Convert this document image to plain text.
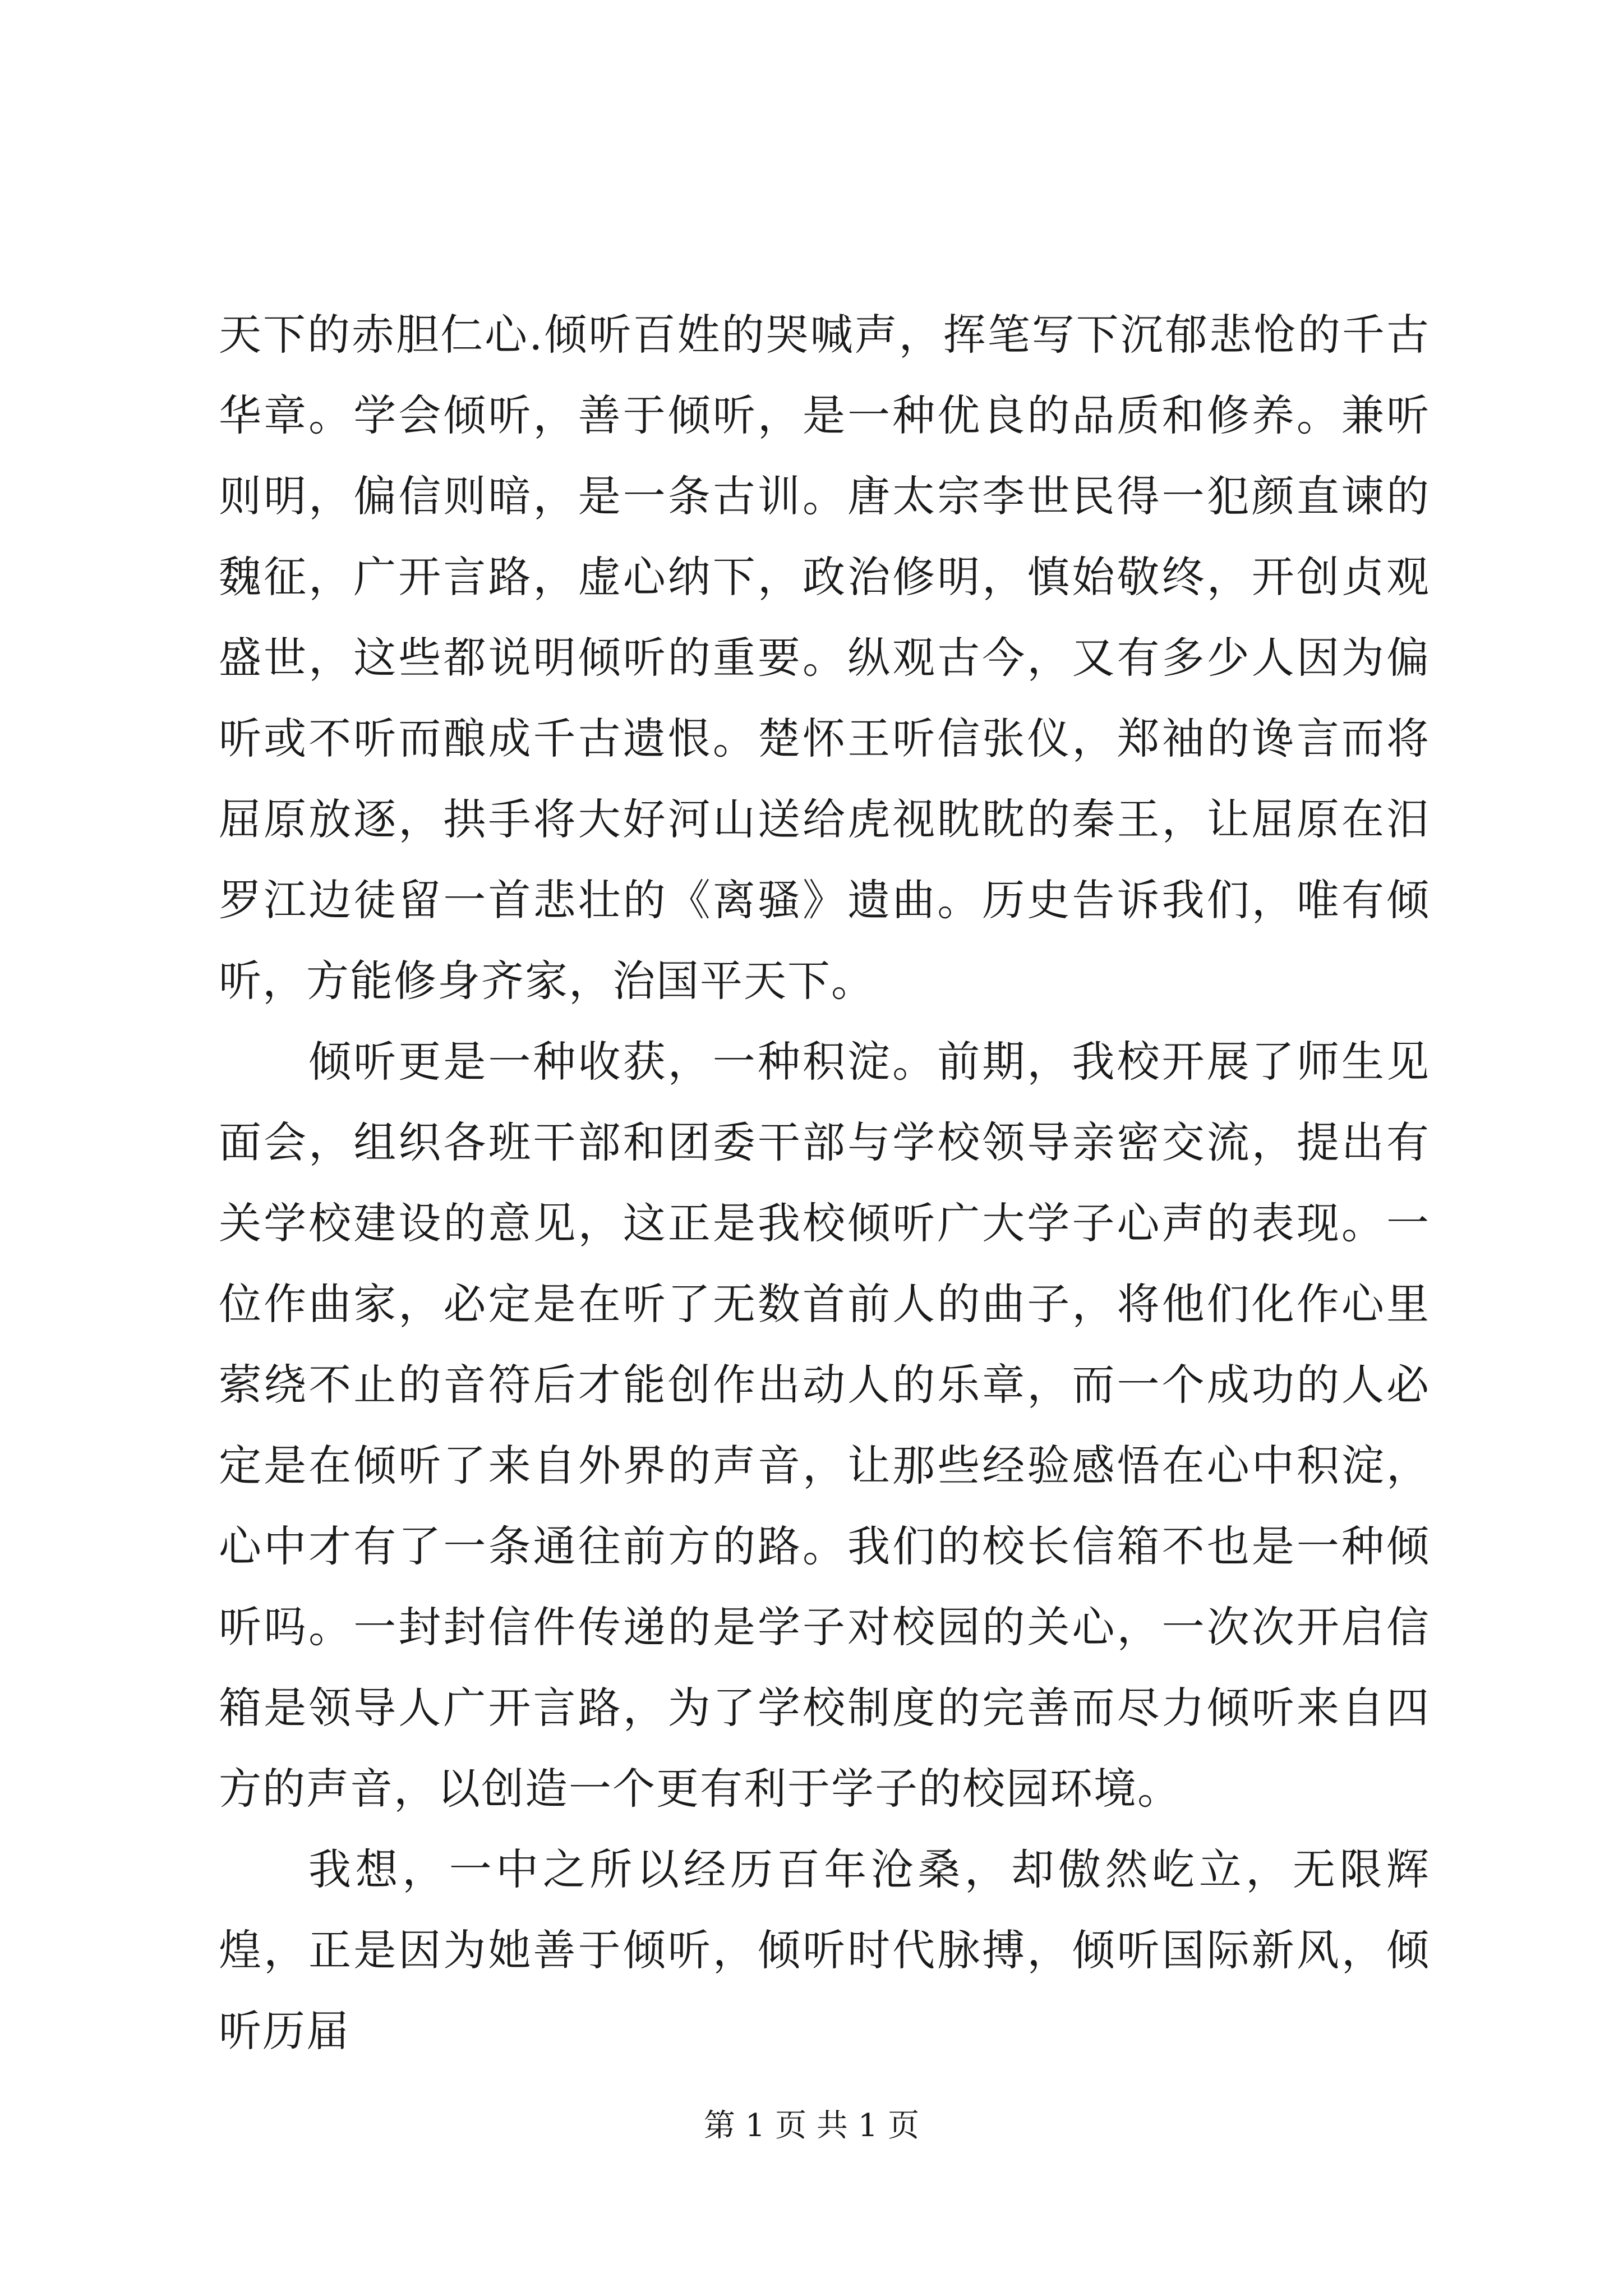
天下的赤胆仁心.倾听百姓的哭喊声，挥笔写下沉郁悲怆的千古华章。学会倾听，善于倾听，是一种优良的品质和修养。兼听则明，偏信则暗，是一条古训。唐太宗李世民得一犯颜直谏的魏征，广开言路，虚心纳下，政治修明，慎始敬终，开创贞观盛世，这些都说明倾听的重要。纵观古今，又有多少人因为偏听或不听而酿成千古遗恨。楚怀王听信张仪，郑袖的谗言而将屈原放逐，拱手将大好河山送给虎视眈眈的秦王，让屈原在汨罗江边徒留一首悲壮的《离骚》遗曲。历史告诉我们，唯有倾听，方能修身齐家，治国平天下。

倾听更是一种收获，一种积淀。前期，我校开展了师生见面会，组织各班干部和团委干部与学校领导亲密交流，提出有关学校建设的意见，这正是我校倾听广大学子心声的表现。一位作曲家，必定是在听了无数首前人的曲子，将他们化作心里萦绕不止的音符后才能创作出动人的乐章，而一个成功的人必定是在倾听了来自外界的声音，让那些经验感悟在心中积淀，心中才有了一条通往前方的路。我们的校长信箱不也是一种倾听吗。一封封信件传递的是学子对校园的关心，一次次开启信箱是领导人广开言路，为了学校制度的完善而尽力倾听来自四方的声音，以创造一个更有利于学子的校园环境。

我想，一中之所以经历百年沧桑，却傲然屹立，无限辉煌，正是因为她善于倾听，倾听时代脉搏，倾听国际新风，倾听历届

第 1 页 共 1 页
